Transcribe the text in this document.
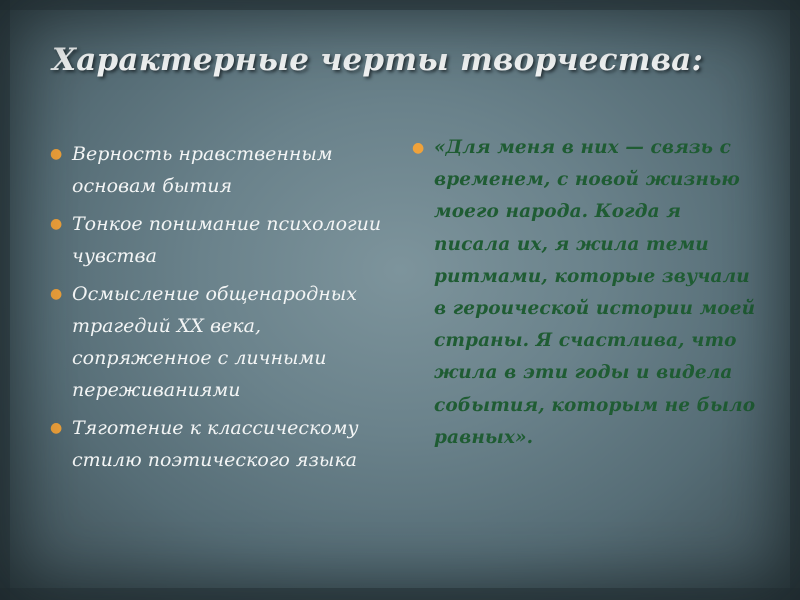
Характерные черты творчества:
● Верность нравственным основам бытия
● Тонкое понимание психологии чувства
● Осмысление общенародных трагедий XX века, сопряженное с личными переживаниями
● Тяготение к классическому стилю поэтического языка
● «Для меня в них — связь с временем, с новой жизнью моего народа. Когда я писала их, я жила теми ритмами, которые звучали в героической истории моей страны. Я счастлива, что жила в эти годы и видела события, которым не было равных».
